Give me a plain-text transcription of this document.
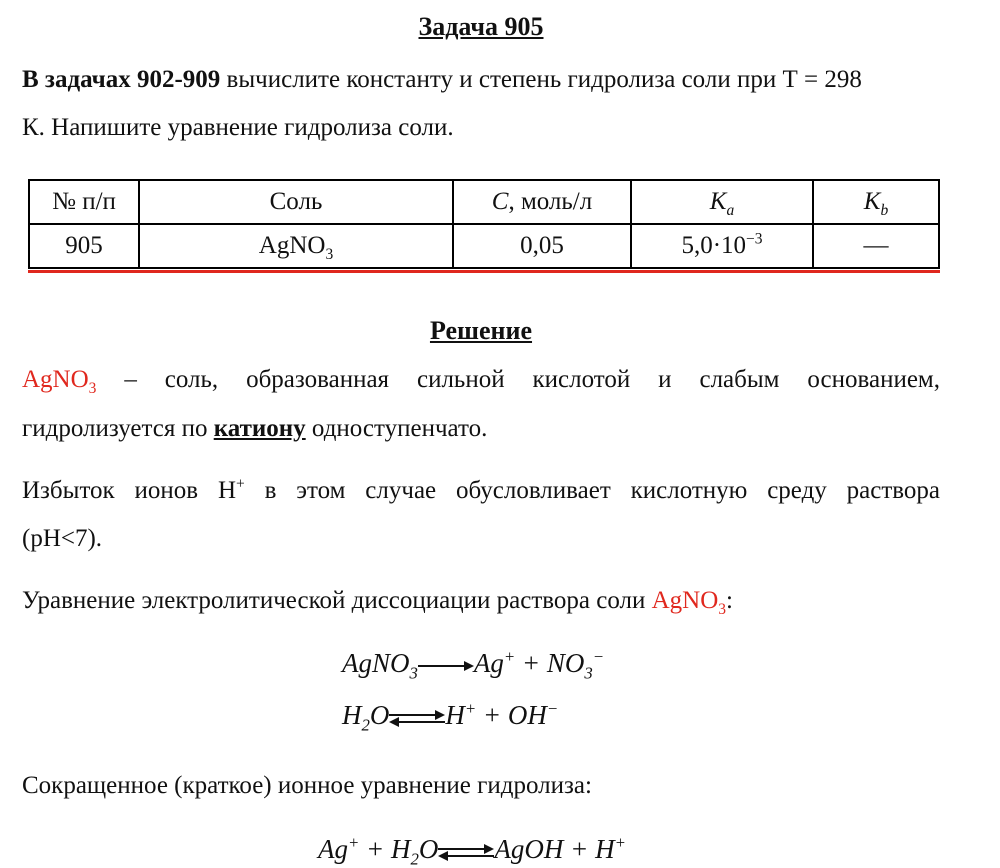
Задача 905
В задачах 902-909 вычислите константу и степень гидролиза соли при Т = 298
К. Напишите уравнение гидролиза соли.
№ п/п	Соль	C, моль/л	$K_a$	$K_b$
905	AgNO$_3$	0,05	$5,0\cdot 10^{-3}$	—
Решение
AgNO$_3$ – соль, образованная сильной кислотой и слабым основанием,
гидролизуется по катиону одноступенчато.
Избыток ионов H+ в этом случае обусловливает кислотную среду раствора
(pH<7).
Уравнение электролитической диссоциации раствора соли AgNO$_3$:
AgNO$_3$ $Ag^+ + NO_3^-$
$H_2O$ H+ + OH−
Сокращенное (краткое) ионное уравнение гидролиза:
$Ag^+ + H_2O$ AgOH + H+
